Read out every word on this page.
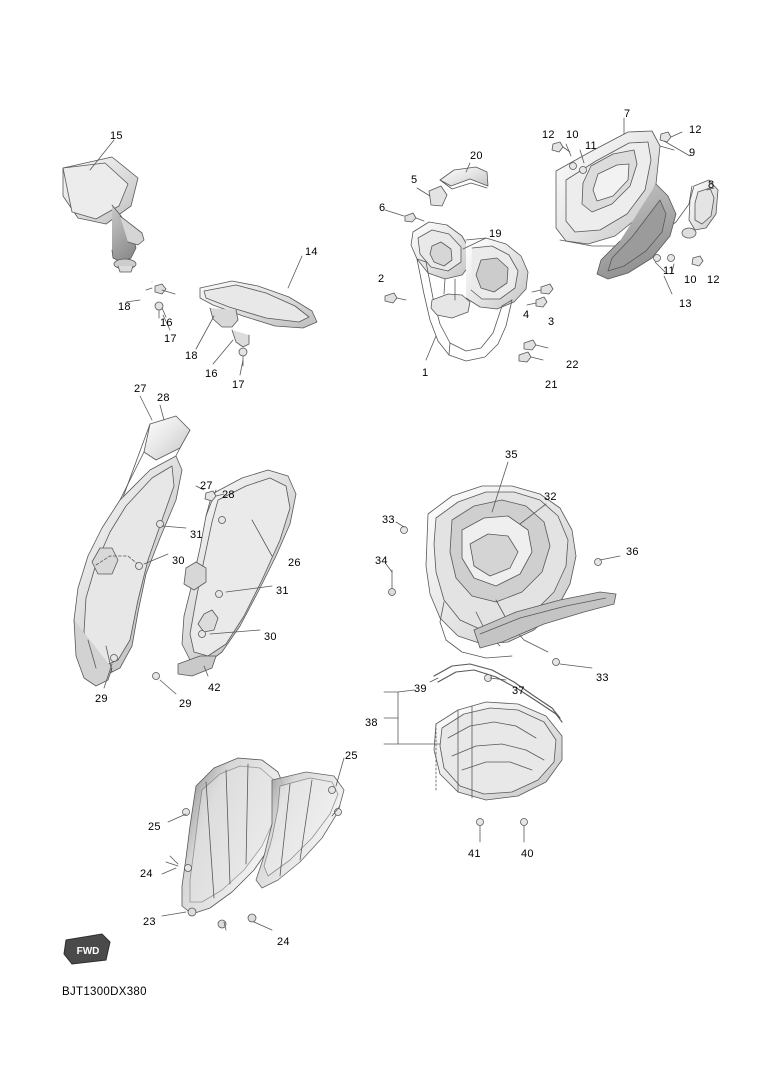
FWD
BJT1300DX380
15
18
16
17
14
18
16
17
20
5
6
19
2
4
3
1
22
21
7
12 10
11
12
9
8
11
10 12
13
27
28
31
30
27
28
26
31
30
29	29
42
35
32
33
34
36
33
39	37
38
41	40
25
25
24
23
24
